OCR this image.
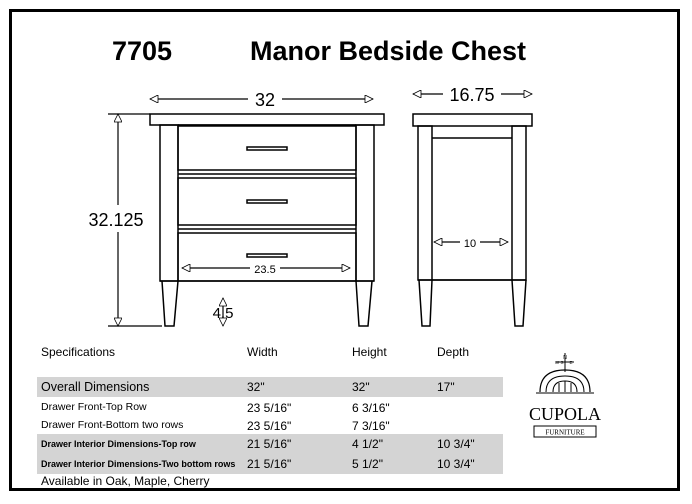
7705	Manor Bedside Chest
32
32.125
23.5
4.5
16.75
10
Specifications	Width	Height	Depth
Overall Dimensions	32"	32"	17"
Drawer Front-Top Row	23 5/16"	6 3/16"
Drawer Front-Bottom two rows	23 5/16"	7 3/16"
Drawer Interior Dimensions-Top row	21 5/16"	4 1/2"	10 3/4"
Drawer Interior Dimensions-Two bottom rows 21 5/16"	5 1/2"	10 3/4"
Available in Oak, Maple, Cherry
N
S
W E
CUPOLA
FURNITURE
